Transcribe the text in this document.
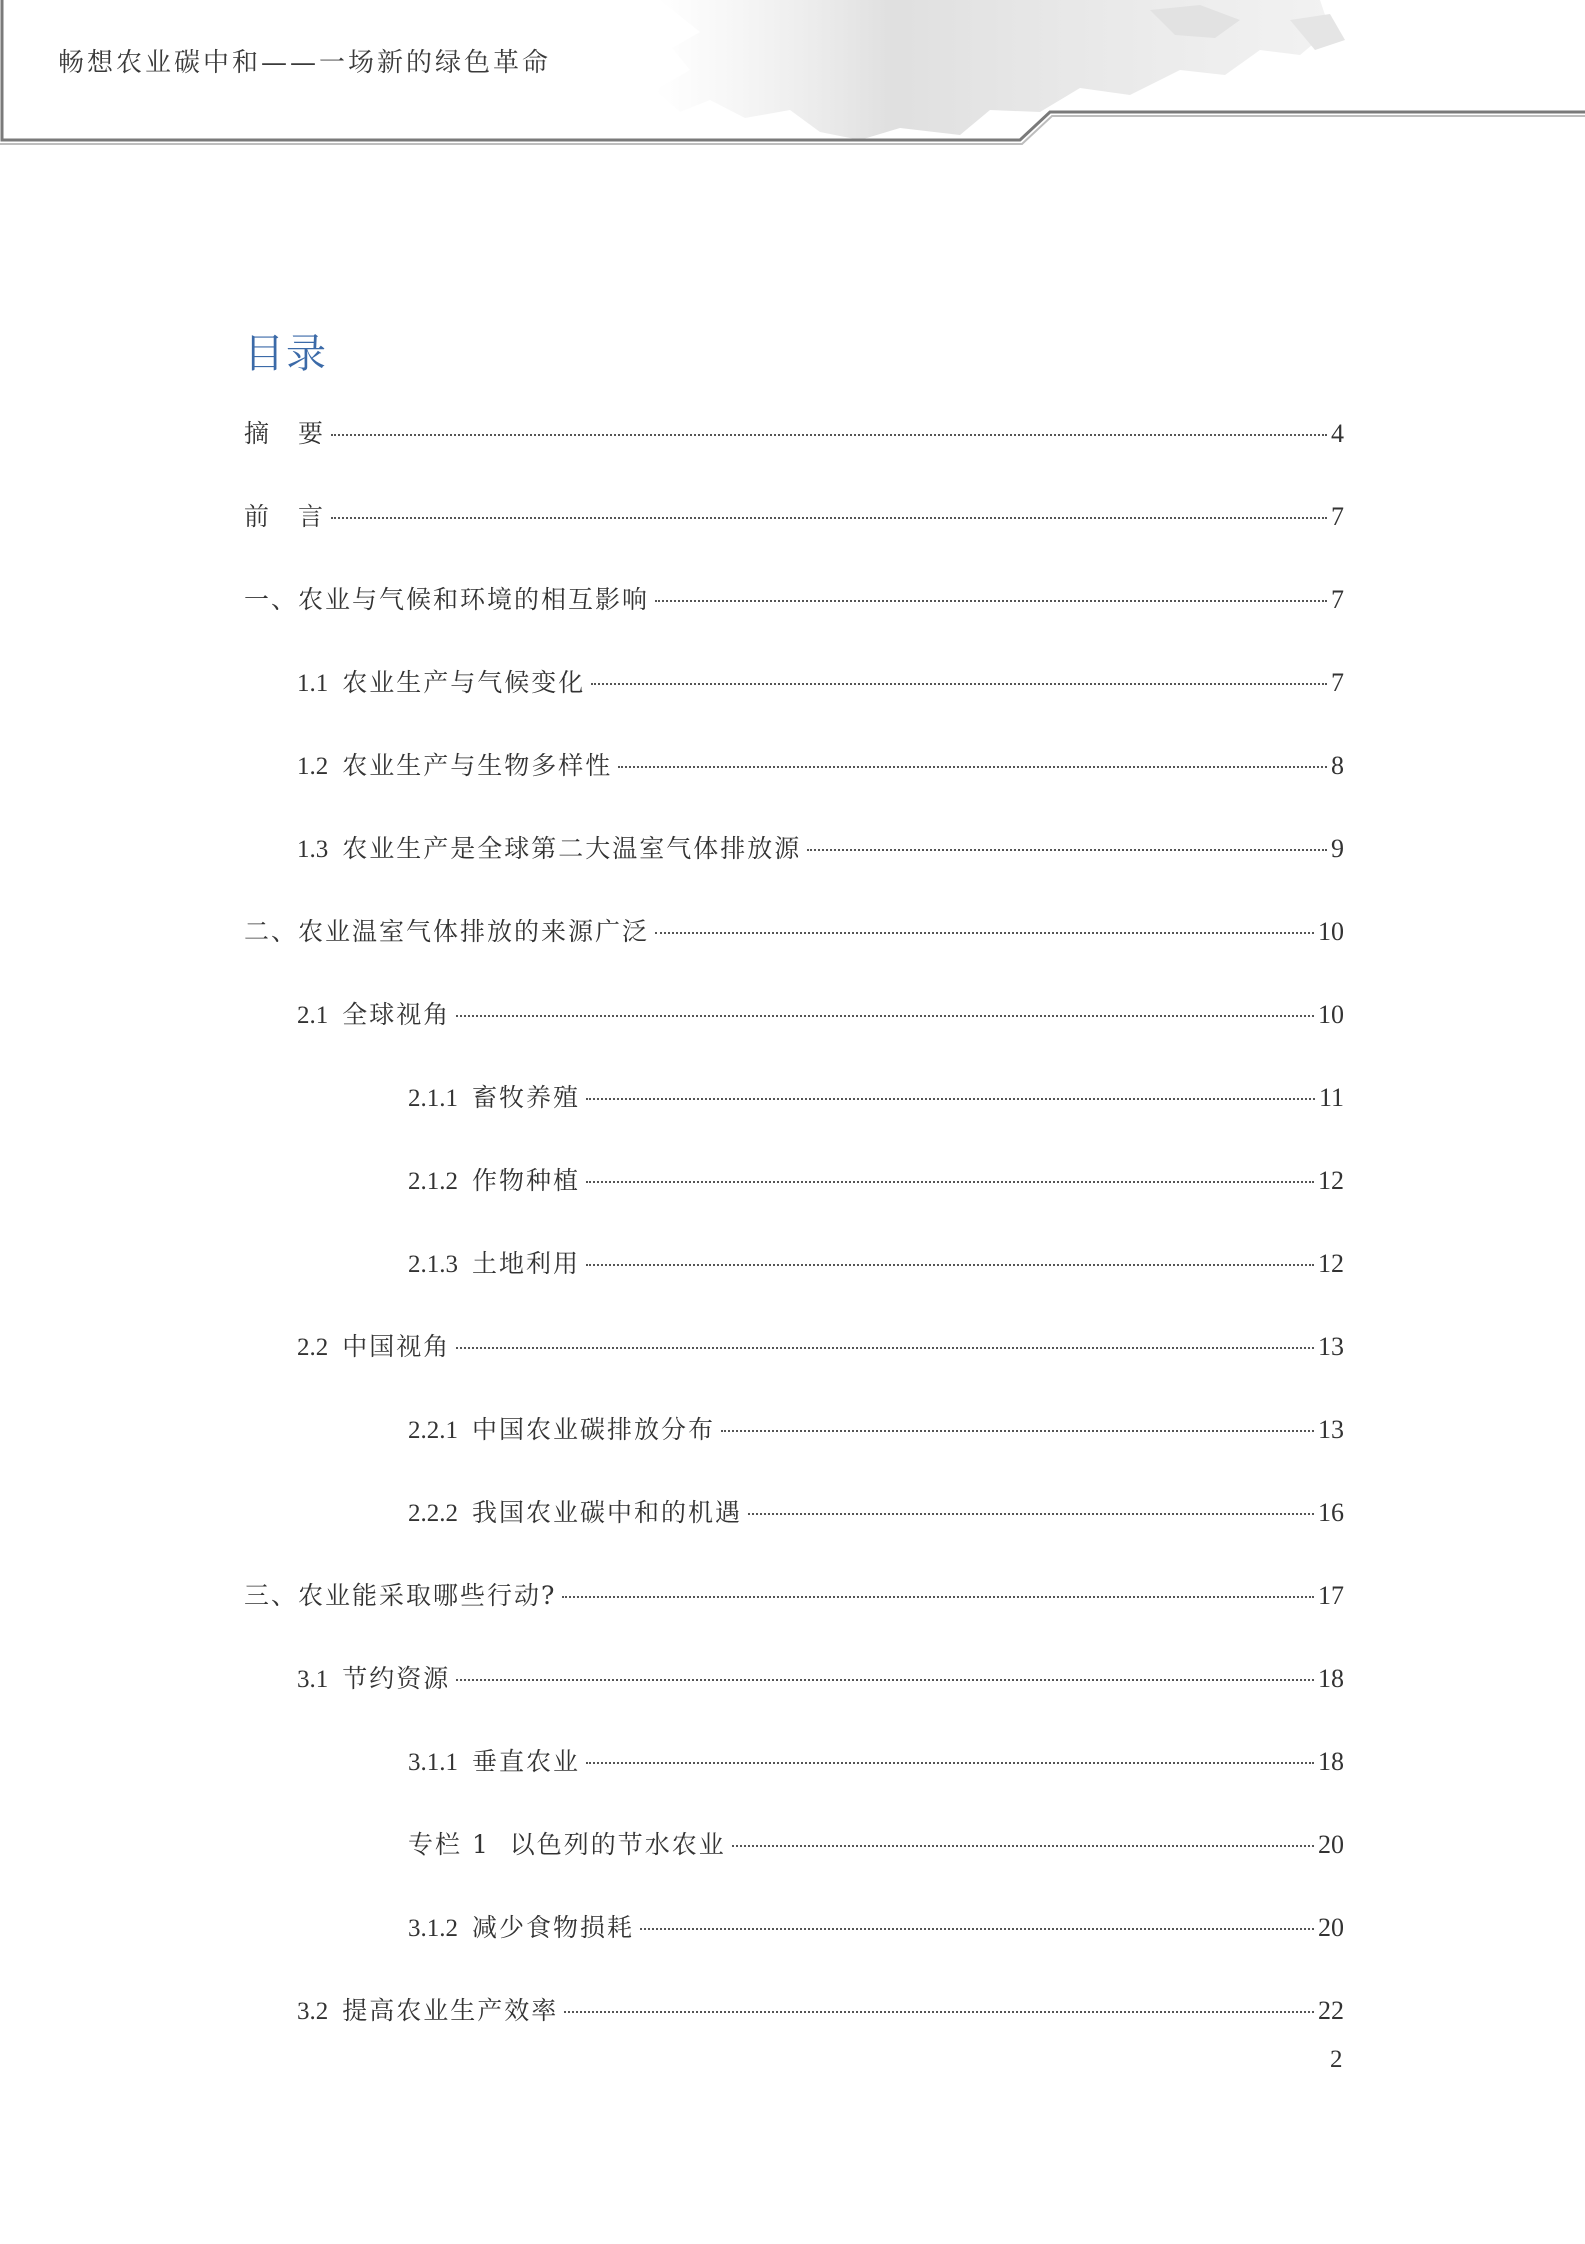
畅想农业碳中和——一场新的绿色革命
目录
摘　要	4
前　言	7
一、农业与气候和环境的相互影响	7
1.1 农业生产与气候变化	7
1.2 农业生产与生物多样性	8
1.3 农业生产是全球第二大温室气体排放源	9
二、农业温室气体排放的来源广泛	10
2.1 全球视角	10
2.1.1 畜牧养殖	11
2.1.2 作物种植	12
2.1.3 土地利用	12
2.2 中国视角	13
2.2.1 中国农业碳排放分布	13
2.2.2 我国农业碳中和的机遇	16
三、农业能采取哪些行动?	17
3.1 节约资源	18
3.1.1 垂直农业	18
专栏 1  以色列的节水农业	20
3.1.2 减少食物损耗	20
3.2 提高农业生产效率	22
2
